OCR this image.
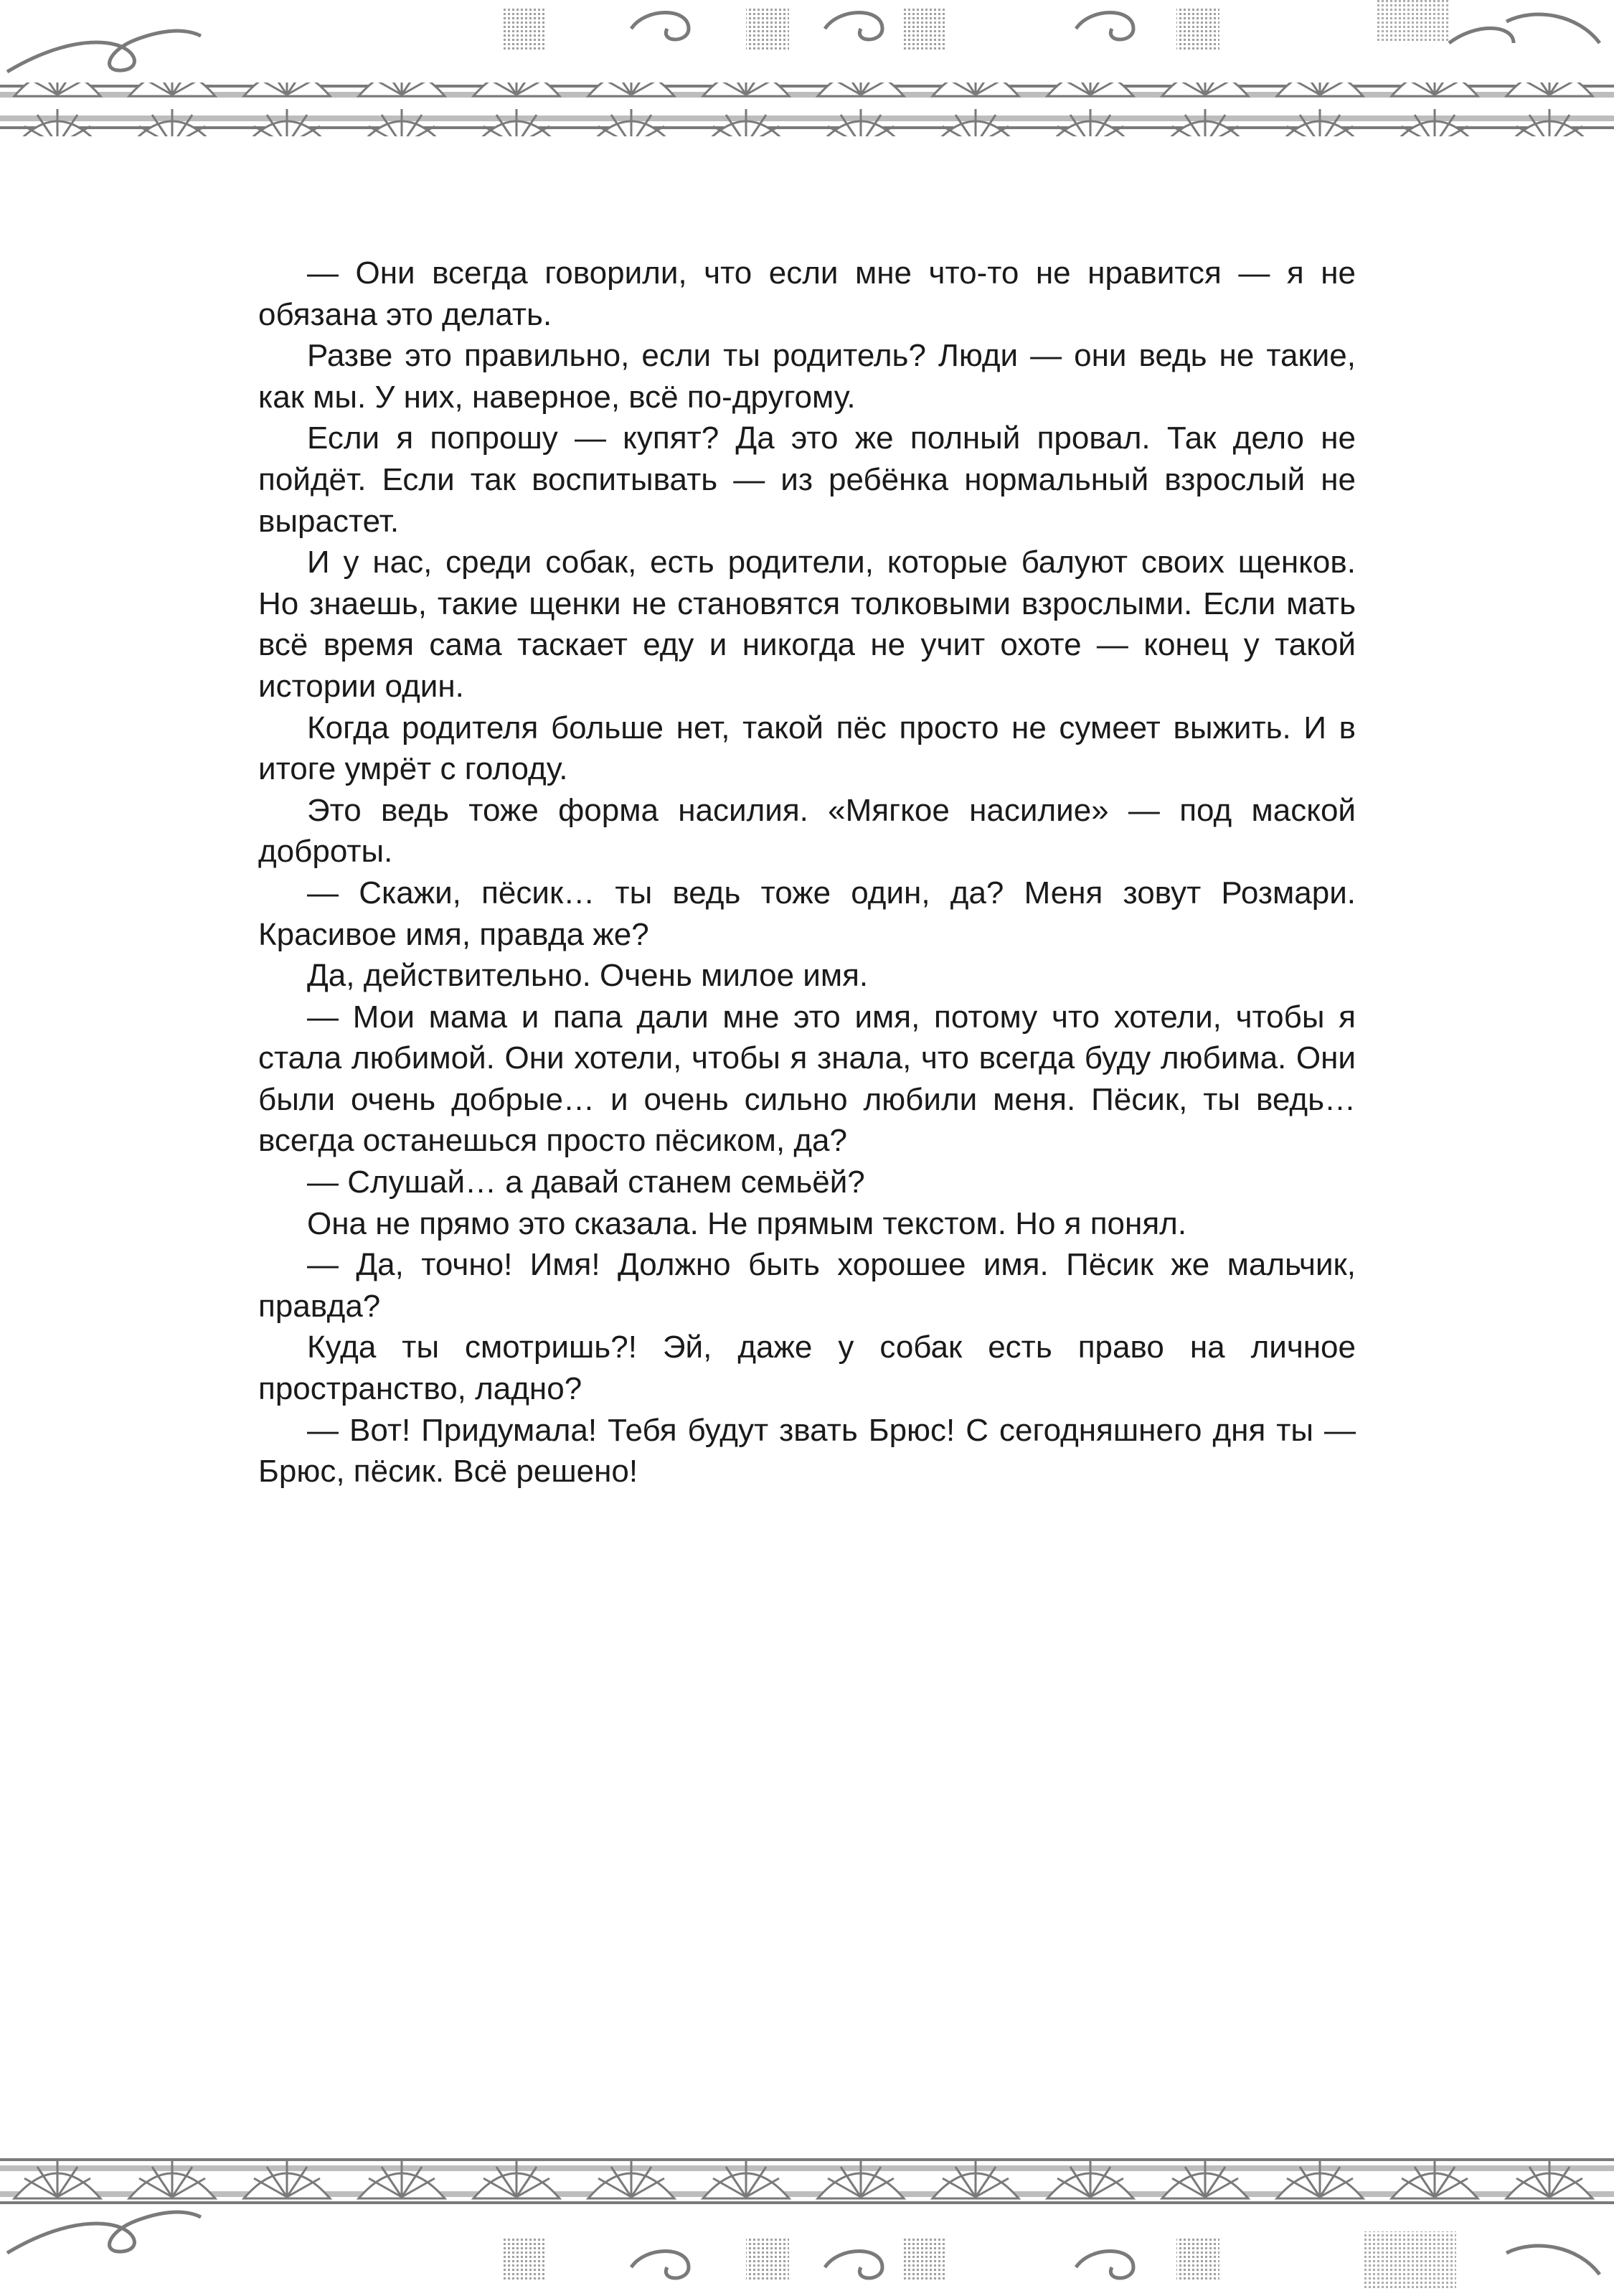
— Они всегда говорили, что если мне что-то не нравится — я не обязана это делать.

Разве это правильно, если ты родитель? Люди — они ведь не такие, как мы. У них, наверное, всё по-другому.

Если я попрошу — купят? Да это же полный провал. Так дело не пойдёт. Если так воспитывать — из ребёнка нормальный взрослый не вырастет.

И у нас, среди собак, есть родители, которые балуют своих щенков. Но знаешь, такие щенки не становятся толковыми взрослыми. Если мать всё время сама таскает еду и никогда не учит охоте — конец у такой истории один.

Когда родителя больше нет, такой пёс просто не сумеет выжить. И в итоге умрёт с голоду.

Это ведь тоже форма насилия. «Мягкое насилие» — под маской доброты.

— Скажи, пёсик… ты ведь тоже один, да? Меня зовут Розмари. Красивое имя, правда же?

Да, действительно. Очень милое имя.

— Мои мама и папа дали мне это имя, потому что хотели, чтобы я стала любимой. Они хотели, чтобы я знала, что всегда буду любима. Они были очень добрые… и очень сильно любили меня. Пёсик, ты ведь… всегда останешься просто пёсиком, да?

— Слушай… а давай станем семьёй?

Она не прямо это сказала. Не прямым текстом. Но я понял.

— Да, точно! Имя! Должно быть хорошее имя. Пёсик же мальчик, правда?

Куда ты смотришь?! Эй, даже у собак есть право на личное пространство, ладно?

— Вот! Придумала! Тебя будут звать Брюс! С сегодняшнего дня ты — Брюс, пёсик. Всё решено!
